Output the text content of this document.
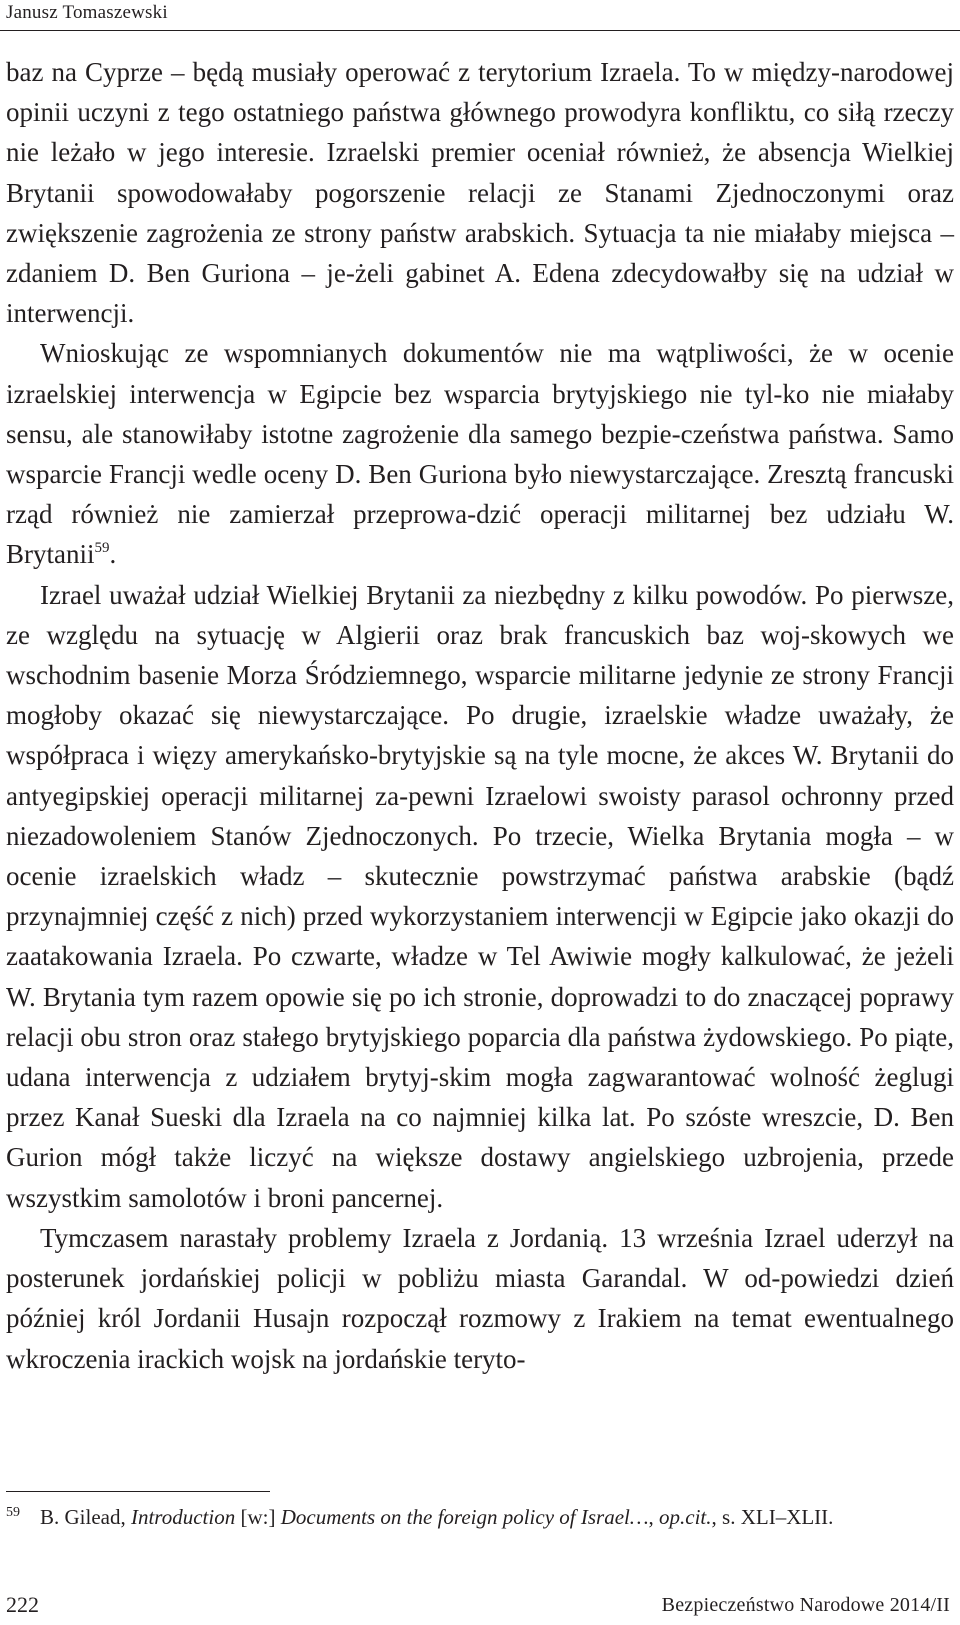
Janusz Tomaszewski

baz na Cyprze – będą musiały operować z terytorium Izraela. To w między-narodowej opinii uczyni z tego ostatniego państwa głównego prowodyra konfliktu, co siłą rzeczy nie leżało w jego interesie. Izraelski premier oceniał również, że absencja Wielkiej Brytanii spowodowałaby pogorszenie relacji ze Stanami Zjednoczonymi oraz zwiększenie zagrożenia ze strony państw arabskich. Sytuacja ta nie miałaby miejsca – zdaniem D. Ben Guriona – je-żeli gabinet A. Edena zdecydowałby się na udział w interwencji.

Wnioskując ze wspomnianych dokumentów nie ma wątpliwości, że w ocenie izraelskiej interwencja w Egipcie bez wsparcia brytyjskiego nie tyl-ko nie miałaby sensu, ale stanowiłaby istotne zagrożenie dla samego bezpie-czeństwa państwa. Samo wsparcie Francji wedle oceny D. Ben Guriona było niewystarczające. Zresztą francuski rząd również nie zamierzał przeprowa-dzić operacji militarnej bez udziału W. Brytanii$^{59}$.

Izrael uważał udział Wielkiej Brytanii za niezbędny z kilku powodów. Po pierwsze, ze względu na sytuację w Algierii oraz brak francuskich baz woj-skowych we wschodnim basenie Morza Śródziemnego, wsparcie militarne jedynie ze strony Francji mogłoby okazać się niewystarczające. Po drugie, izraelskie władze uważały, że współpraca i więzy amerykańsko-brytyjskie są na tyle mocne, że akces W. Brytanii do antyegipskiej operacji militarnej za-pewni Izraelowi swoisty parasol ochronny przed niezadowoleniem Stanów Zjednoczonych. Po trzecie, Wielka Brytania mogła – w ocenie izraelskich władz – skutecznie powstrzymać państwa arabskie (bądź przynajmniej część z nich) przed wykorzystaniem interwencji w Egipcie jako okazji do zaatakowania Izraela. Po czwarte, władze w Tel Awiwie mogły kalkulować, że jeżeli W. Brytania tym razem opowie się po ich stronie, doprowadzi to do znaczącej poprawy relacji obu stron oraz stałego brytyjskiego poparcia dla państwa żydowskiego. Po piąte, udana interwencja z udziałem brytyj-skim mogła zagwarantować wolność żeglugi przez Kanał Sueski dla Izraela na co najmniej kilka lat. Po szóste wreszcie, D. Ben Gurion mógł także liczyć na większe dostawy angielskiego uzbrojenia, przede wszystkim samolotów i broni pancernej.

Tymczasem narastały problemy Izraela z Jordanią. 13 września Izrael uderzył na posterunek jordańskiej policji w pobliżu miasta Garandal. W od-powiedzi dzień później król Jordanii Husajn rozpoczął rozmowy z Irakiem na temat ewentualnego wkroczenia irackich wojsk na jordańskie teryto-

59 B. Gilead, Introduction [w:] Documents on the foreign policy of Israel…, op.cit., s. XLI–XLII.
222	Bezpieczeństwo Narodowe 2014/II
